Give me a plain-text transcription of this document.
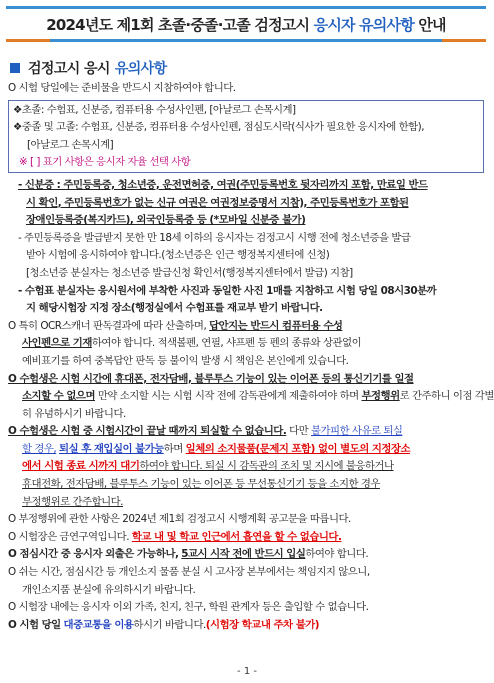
2024년도 제1회 초졸·중졸·고졸 검정고시 응시자 유의사항 안내
검정고시 응시 유의사항
O 시험 당일에는 준비물을 반드시 지참하여야 합니다.
❖초졸: 수험표, 신분증, 컴퓨터용 수성사인펜, [아날로그 손목시계]
❖중졸 및 고졸: 수험표, 신분증, 컴퓨터용 수성사인펜, 점심도시락(식사가 필요한 응시자에 한함),
[아날로그 손목시계]
※ [ ] 표기 사항은 응시자 자율 선택 사항
- 신분증 : 주민등록증, 청소년증, 운전면허증, 여권(주민등록번호 뒷자리까지 포함, 만료일 반드
시 확인, 주민등록번호가 없는 신규 여권은 여권정보증명서 지참), 주민등록번호가 포함된
장애인등록증(복지카드), 외국인등록증 등 (*모바일 신분증 불가)
- 주민등록증을 발급받지 못한 만 18세 이하의 응시자는 검정고시 시행 전에 청소년증을 발급
받아 시험에 응시하여야 합니다.(청소년증은 인근 행정복지센터에 신청)
[청소년증 분실자는 청소년증 발급신청 확인서(행정복지센터에서 발급) 지참]
- 수험표 분실자는 응시원서에 부착한 사진과 동일한 사진 1매를 지참하고 시험 당일 08시30분까
지 해당시험장 지정 장소(행정실에서 수험표를 재교부 받기 바랍니다.
O 특히 OCR스캐너 판독결과에 따라 산출하며, 답안지는 반드시 컴퓨터용 수성
사인펜으로 기재하여야 합니다. 적색볼펜, 연필, 샤프펜 등 펜의 종류와 상관없이
예비표기를 하여 중복답안 판독 등 불이익 발생 시 책임은 본인에게 있습니다.
O 수험생은 시험 시간에 휴대폰, 전자담배, 블루투스 기능이 있는 이어폰 등의 통신기기를 일절
소지할 수 없으며 만약 소지할 시는 시험 시작 전에 감독관에게 제출하여야 하며 부정행위로 간주하니 이점 각별
히 유념하시기 바랍니다.
O 수험생은 시험 중 시험시간이 끝날 때까지 퇴실할 수 없습니다. 다만 불가피한 사유로 퇴실
할 경우, 퇴실 후 재입실이 불가능하며 일체의 소지물품(문제지 포함) 없이 별도의 지정장소
에서 시험 종료 시까지 대기하여야 합니다. 퇴실 시 감독관의 조치 및 지시에 불응하거나
휴대전화, 전자담배, 블루투스 기능이 있는 이어폰 등 무선통신기기 등을 소지한 경우
부정행위로 간주합니다.
O 부정행위에 관한 사항은 2024년 제1회 검정고시 시행계획 공고문을 따릅니다.
O 시험장은 금연구역입니다. 학교 내 및 학교 인근에서 흡연을 할 수 없습니다.
O 점심시간 중 응시자 외출은 가능하나, 5교시 시작 전에 반드시 입실하여야 합니다.
O 쉬는 시간, 점심시간 등 개인소지 물품 분실 시 고사장 본부에서는 책임지지 않으니,
개인소지품 분실에 유의하시기 바랍니다.
O 시험장 내에는 응시자 이외 가족, 친지, 친구, 학원 관계자 등은 출입할 수 없습니다.
O 시험 당일 대중교통을 이용하시기 바랍니다.(시험장 학교내 주차 불가)
- 1 -
